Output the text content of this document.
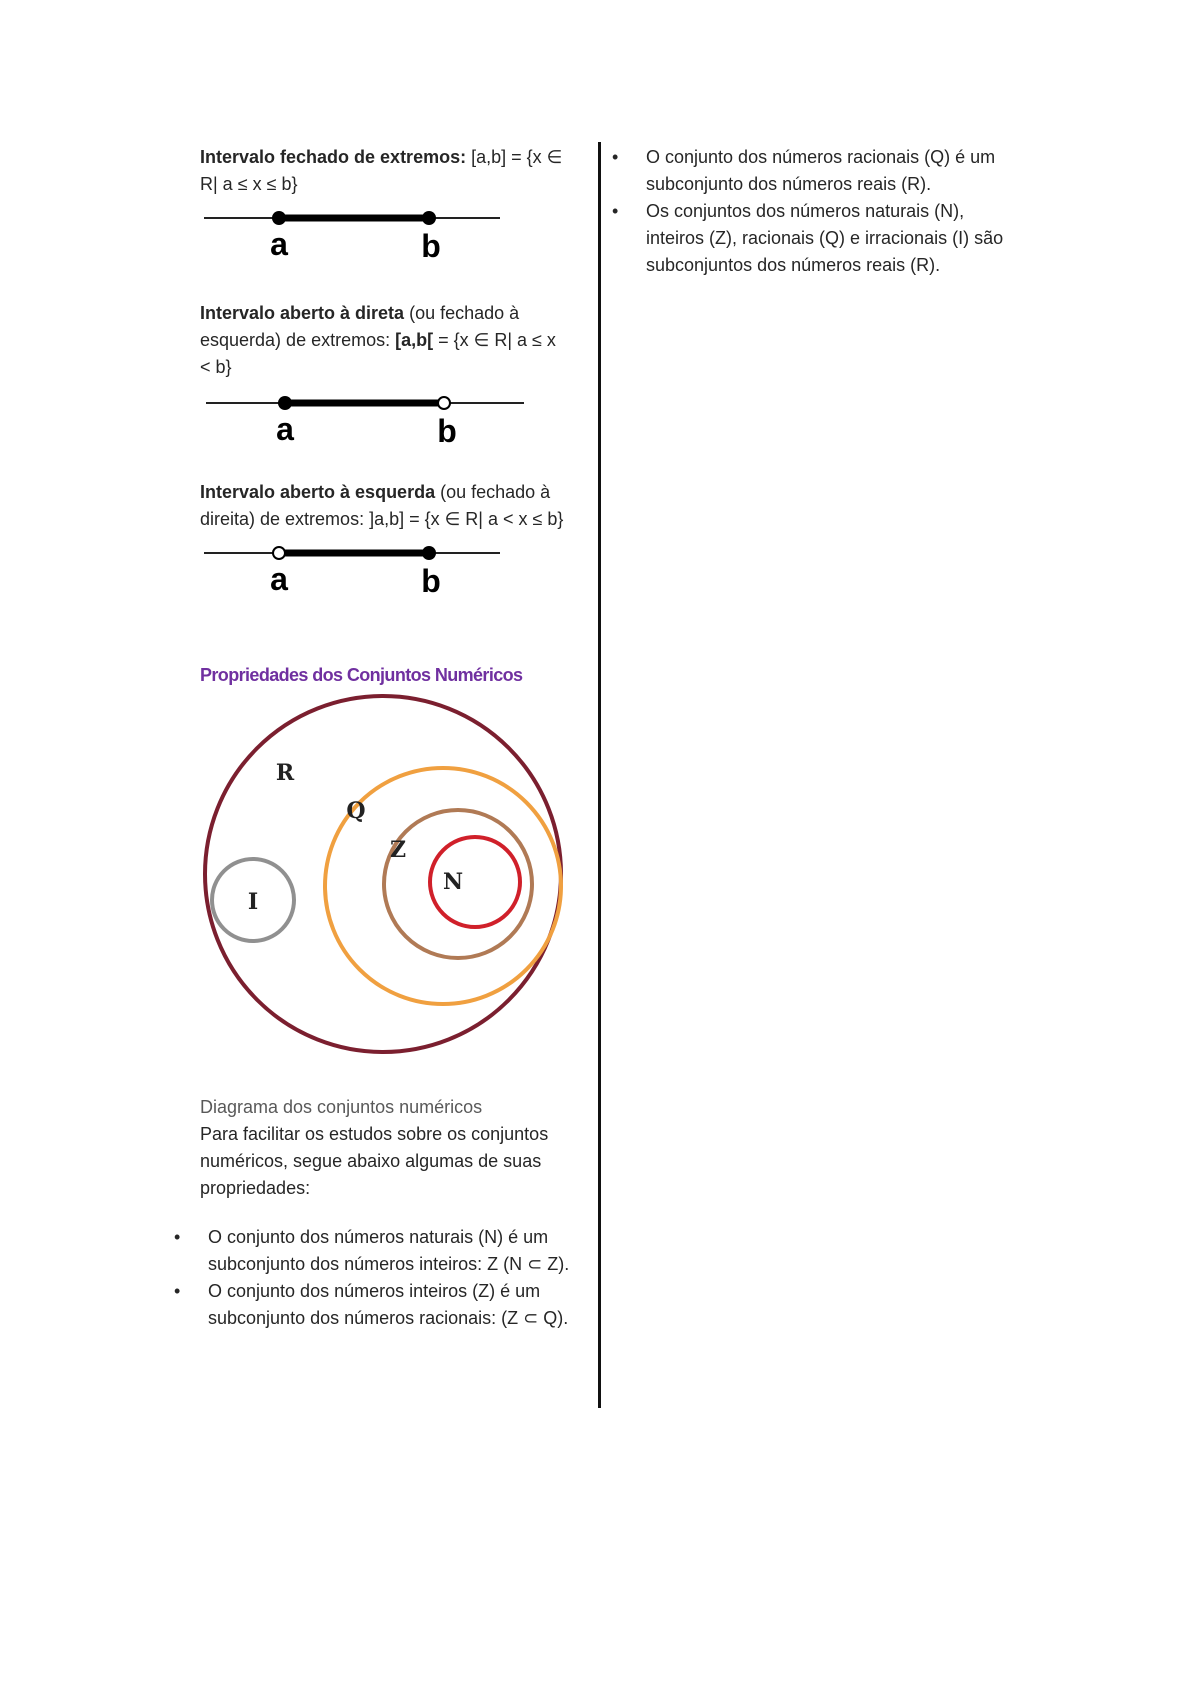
Intervalo fechado de extremos: [a,b] = {x ∈ R| a ≤ x ≤ b}

a	b

Intervalo aberto à direta (ou fechado à esquerda) de extremos: [a,b[ = {x ∈ R| a ≤ x < b}

a	b

Intervalo aberto à esquerda (ou fechado à direita) de extremos: ]a,b] = {x ∈ R| a < x ≤ b}

a	b

Propriedades dos Conjuntos Numéricos

R
Q
Z
N
I

Diagrama dos conjuntos numéricos

Para facilitar os estudos sobre os conjuntos numéricos, segue abaixo algumas de suas propriedades:

• O conjunto dos números naturais (N) é um subconjunto dos números inteiros: Z (N ⊂ Z).
• O conjunto dos números inteiros (Z) é um subconjunto dos números racionais: (Z ⊂ Q).
• O conjunto dos números racionais (Q) é um subconjunto dos números reais (R).
• Os conjuntos dos números naturais (N), inteiros (Z), racionais (Q) e irracionais (I) são subconjuntos dos números reais (R).
